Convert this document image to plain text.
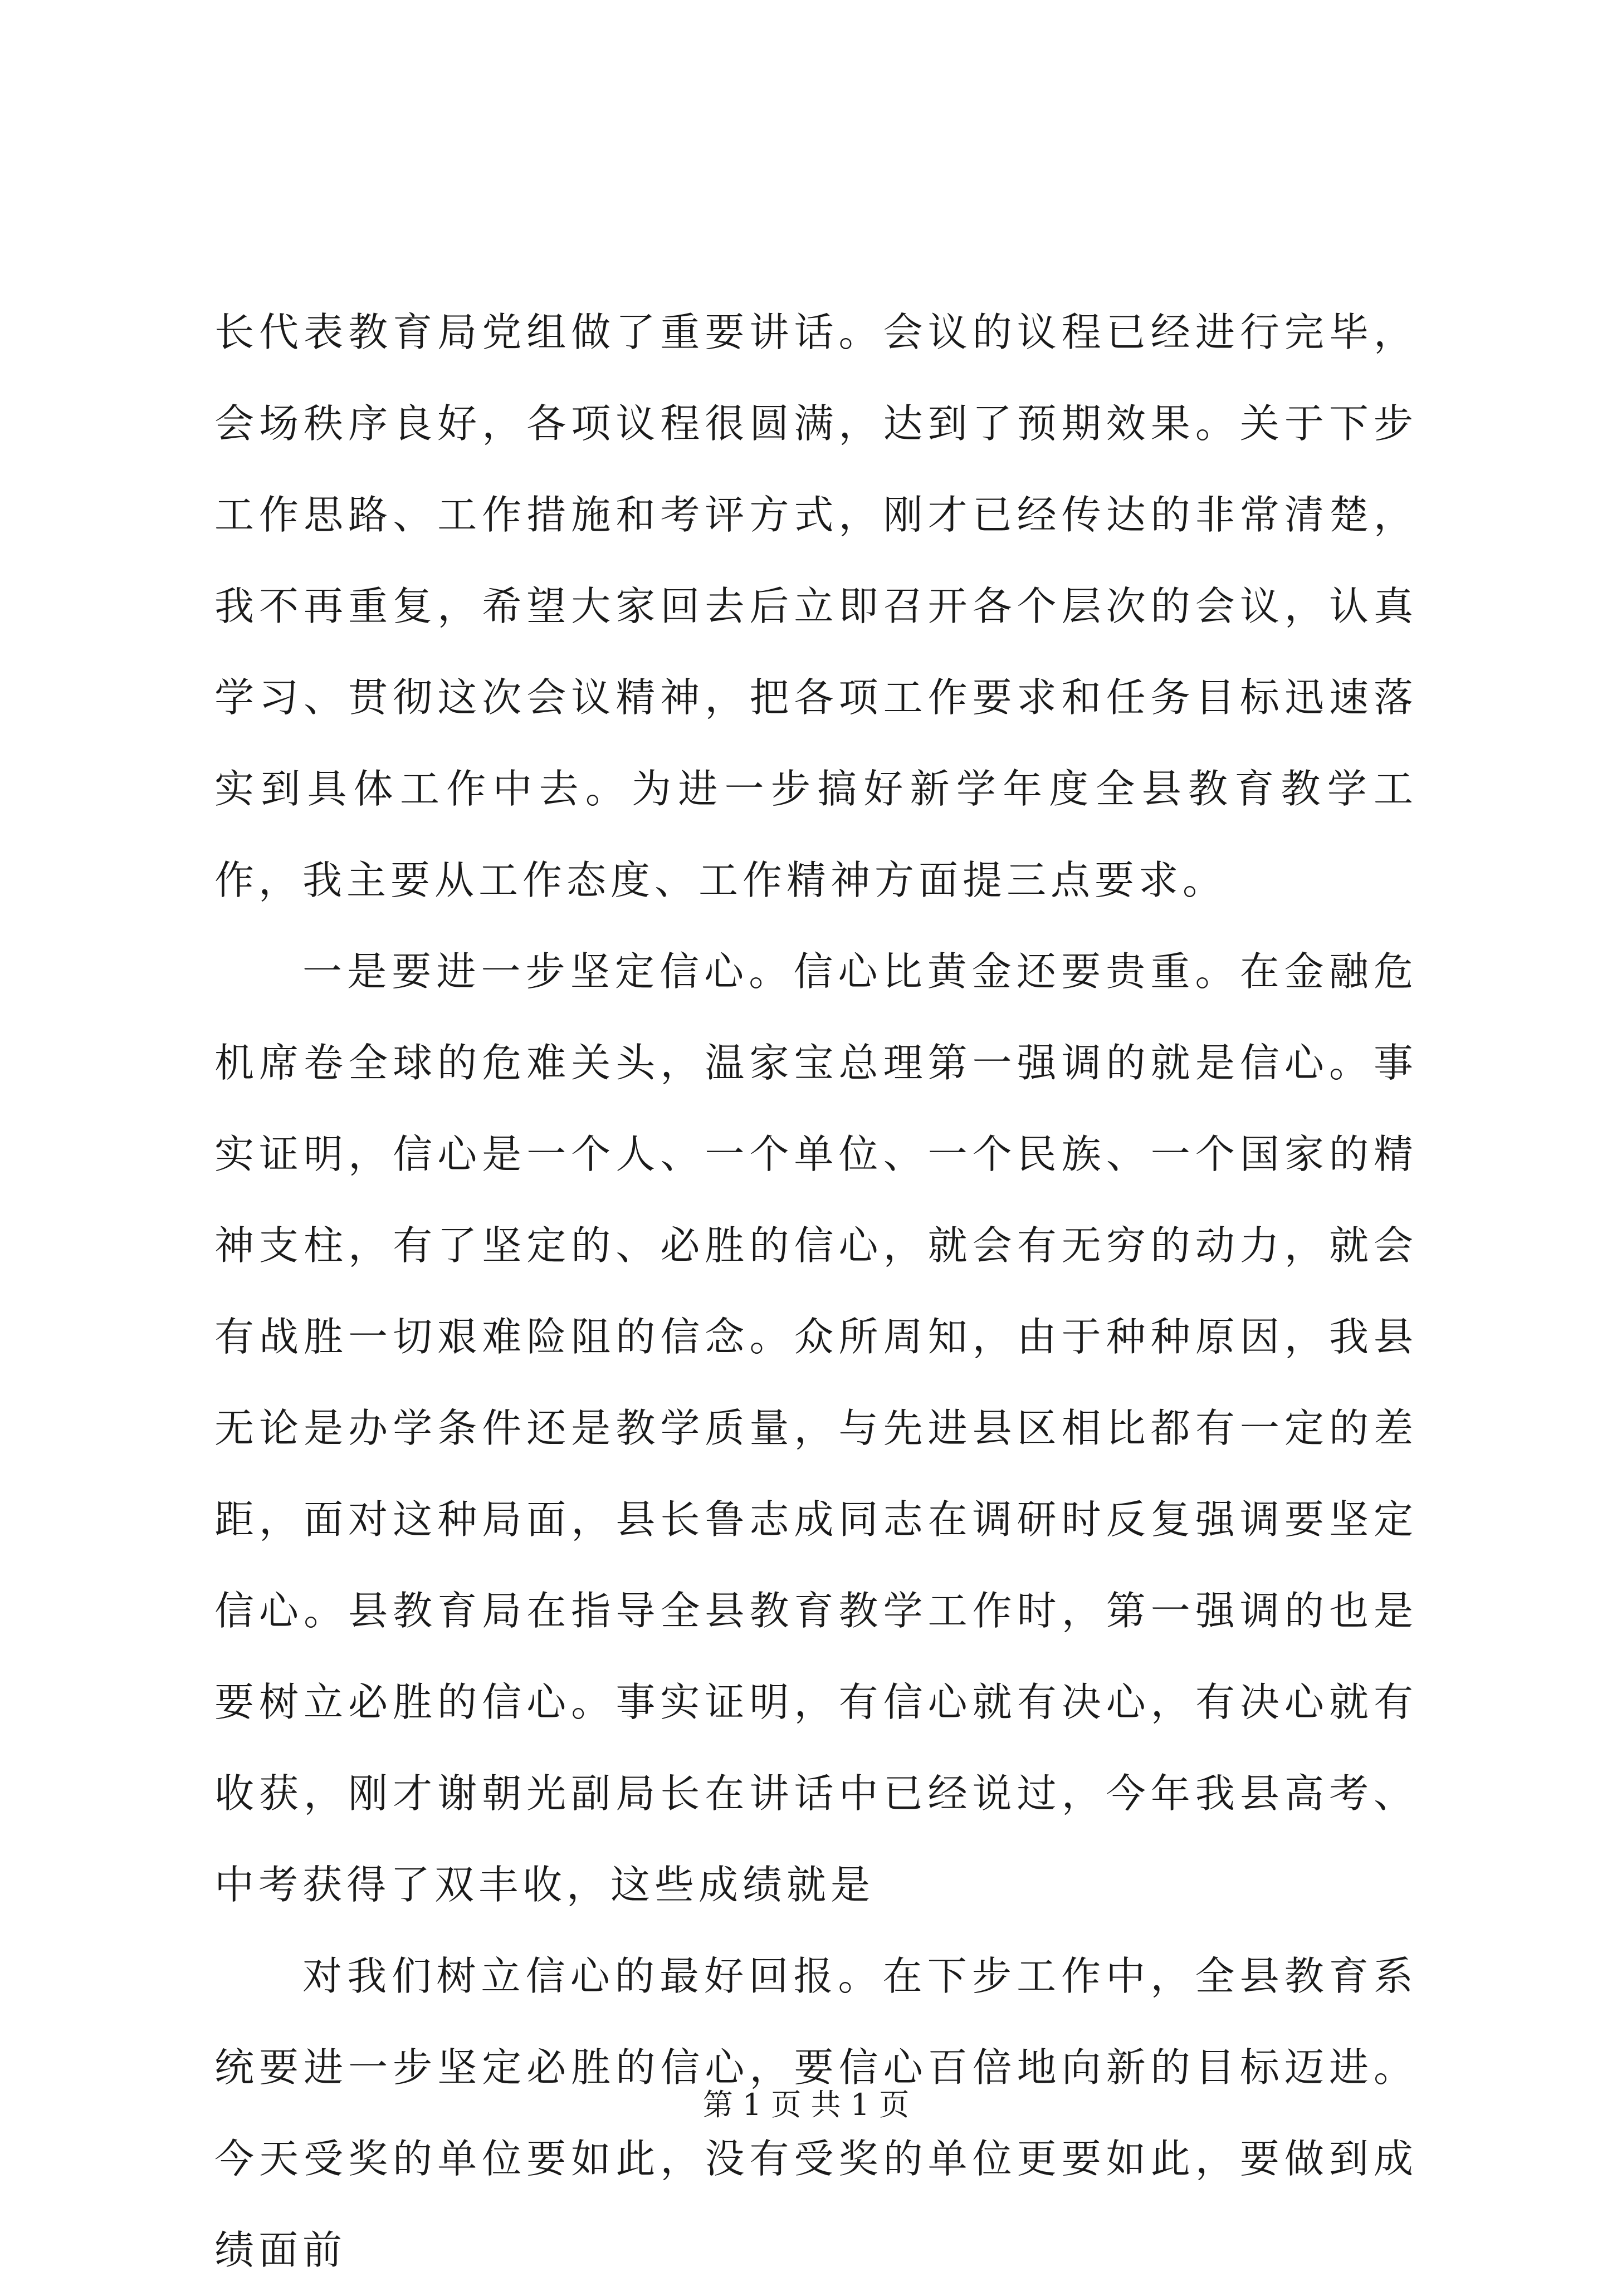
长代表教育局党组做了重要讲话。会议的议程已经进行完毕，会场秩序良好，各项议程很圆满，达到了预期效果。关于下步工作思路、工作措施和考评方式，刚才已经传达的非常清楚，我不再重复，希望大家回去后立即召开各个层次的会议，认真学习、贯彻这次会议精神，把各项工作要求和任务目标迅速落实到具体工作中去。为进一步搞好新学年度全县教育教学工作，我主要从工作态度、工作精神方面提三点要求。

一是要进一步坚定信心。信心比黄金还要贵重。在金融危机席卷全球的危难关头，温家宝总理第一强调的就是信心。事实证明，信心是一个人、一个单位、一个民族、一个国家的精神支柱，有了坚定的、必胜的信心，就会有无穷的动力，就会有战胜一切艰难险阻的信念。众所周知，由于种种原因，我县无论是办学条件还是教学质量，与先进县区相比都有一定的差距，面对这种局面，县长鲁志成同志在调研时反复强调要坚定信心。县教育局在指导全县教育教学工作时，第一强调的也是要树立必胜的信心。事实证明，有信心就有决心，有决心就有收获，刚才谢朝光副局长在讲话中已经说过，今年我县高考、中考获得了双丰收，这些成绩就是

对我们树立信心的最好回报。在下步工作中，全县教育系统要进一步坚定必胜的信心，要信心百倍地向新的目标迈进。今天受奖的单位要如此，没有受奖的单位更要如此，要做到成绩面前

第 1 页 共 1 页
